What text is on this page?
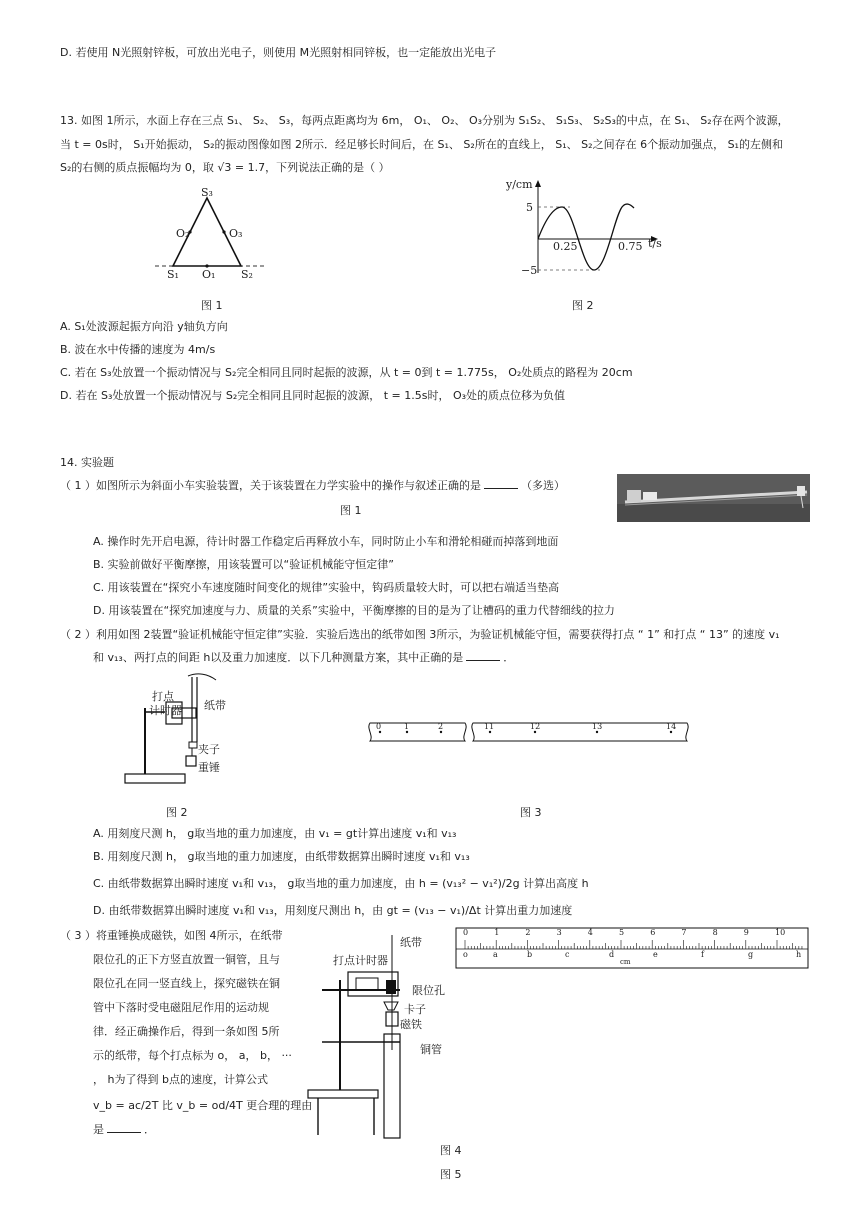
D. 若使用 N光照射锌板，可放出光电子，则使用 M光照射相同锌板，也一定能放出光电子
13. 如图 1所示，水面上存在三点 S₁、 S₂、 S₃，每两点距离均为 6m， O₁、 O₂、 O₃分别为 S₁S₂、 S₁S₃、 S₂S₃的中点，在 S₁、 S₂存在两个波源，
当 t = 0s时， S₁开始振动， S₂的振动图像如图 2所示．经足够长时间后，在 S₁、 S₂所在的直线上， S₁、 S₂之间存在 6个振动加强点， S₁的左侧和
S₂的右侧的质点振幅均为 0，取 √3 = 1.7，下列说法正确的是（ ）
S₃
O₂	O₃
S₁ O₁ S₂
图 1
y/cm
5
−5
0.25	0.75 t/s
图 2
A. S₁处波源起振方向沿 y轴负方向
B. 波在水中传播的速度为 4m/s
C. 若在 S₃处放置一个振动情况与 S₂完全相同且同时起振的波源，从 t = 0到 t = 1.775s， O₂处质点的路程为 20cm
D. 若在 S₃处放置一个振动情况与 S₂完全相同且同时起振的波源， t = 1.5s时， O₃处的质点位移为负值
14. 实验题
（ 1 ）如图所示为斜面小车实验装置，关于该装置在力学实验中的操作与叙述正确的是	（多选）
图 1
A. 操作时先开启电源，待计时器工作稳定后再释放小车，同时防止小车和滑轮相碰而掉落到地面
B. 实验前做好平衡摩擦，用该装置可以“验证机械能守恒定律”
C. 用该装置在“探究小车速度随时间变化的规律”实验中，钩码质量较大时，可以把右端适当垫高
D. 用该装置在“探究加速度与力、质量的关系”实验中，平衡摩擦的目的是为了让槽码的重力代替细线的拉力
（ 2 ）利用如图 2装置“验证机械能守恒定律”实验．实验后选出的纸带如图 3所示，为验证机械能守恒，需要获得打点 “ 1” 和打点 “ 13” 的速度 v₁
和 v₁₃、两打点的间距 h以及重力加速度．以下几种测量方案，其中正确的是	．
打点
计时器 纸带
夹子
重锤
图 2
0	1	2	11	12	13	14
图 3
A. 用刻度尺测 h， g取当地的重力加速度，由 v₁ = gt计算出速度 v₁和 v₁₃
B. 用刻度尺测 h， g取当地的重力加速度，由纸带数据算出瞬时速度 v₁和 v₁₃
C. 由纸带数据算出瞬时速度 v₁和 v₁₃， g取当地的重力加速度，由 h = (v₁₃² − v₁²)/2g 计算出高度 h
D. 由纸带数据算出瞬时速度 v₁和 v₁₃，用刻度尺测出 h，由 gt = (v₁₃ − v₁)/Δt 计算出重力加速度
（ 3 ）将重锤换成磁铁，如图 4所示，在纸带
限位孔的正下方竖直放置一铜管，且与
限位孔在同一竖直线上，探究磁铁在铜
管中下落时受电磁阻尼作用的运动规
律．经正确操作后，得到一条如图 5所
示的纸带，每个打点标为 o， a， b， ···
， h为了得到 b点的速度，计算公式
v_b = ac/2T 比 v_b = od/4T 更合理的理由
是	．
纸带
打点计时器
限位孔
卡子
磁铁
铜管
图 4
图 5
0	1	2	3	4	5	6	7	8	9	10
o	a	b	c	d	e	f	g	h
cm
